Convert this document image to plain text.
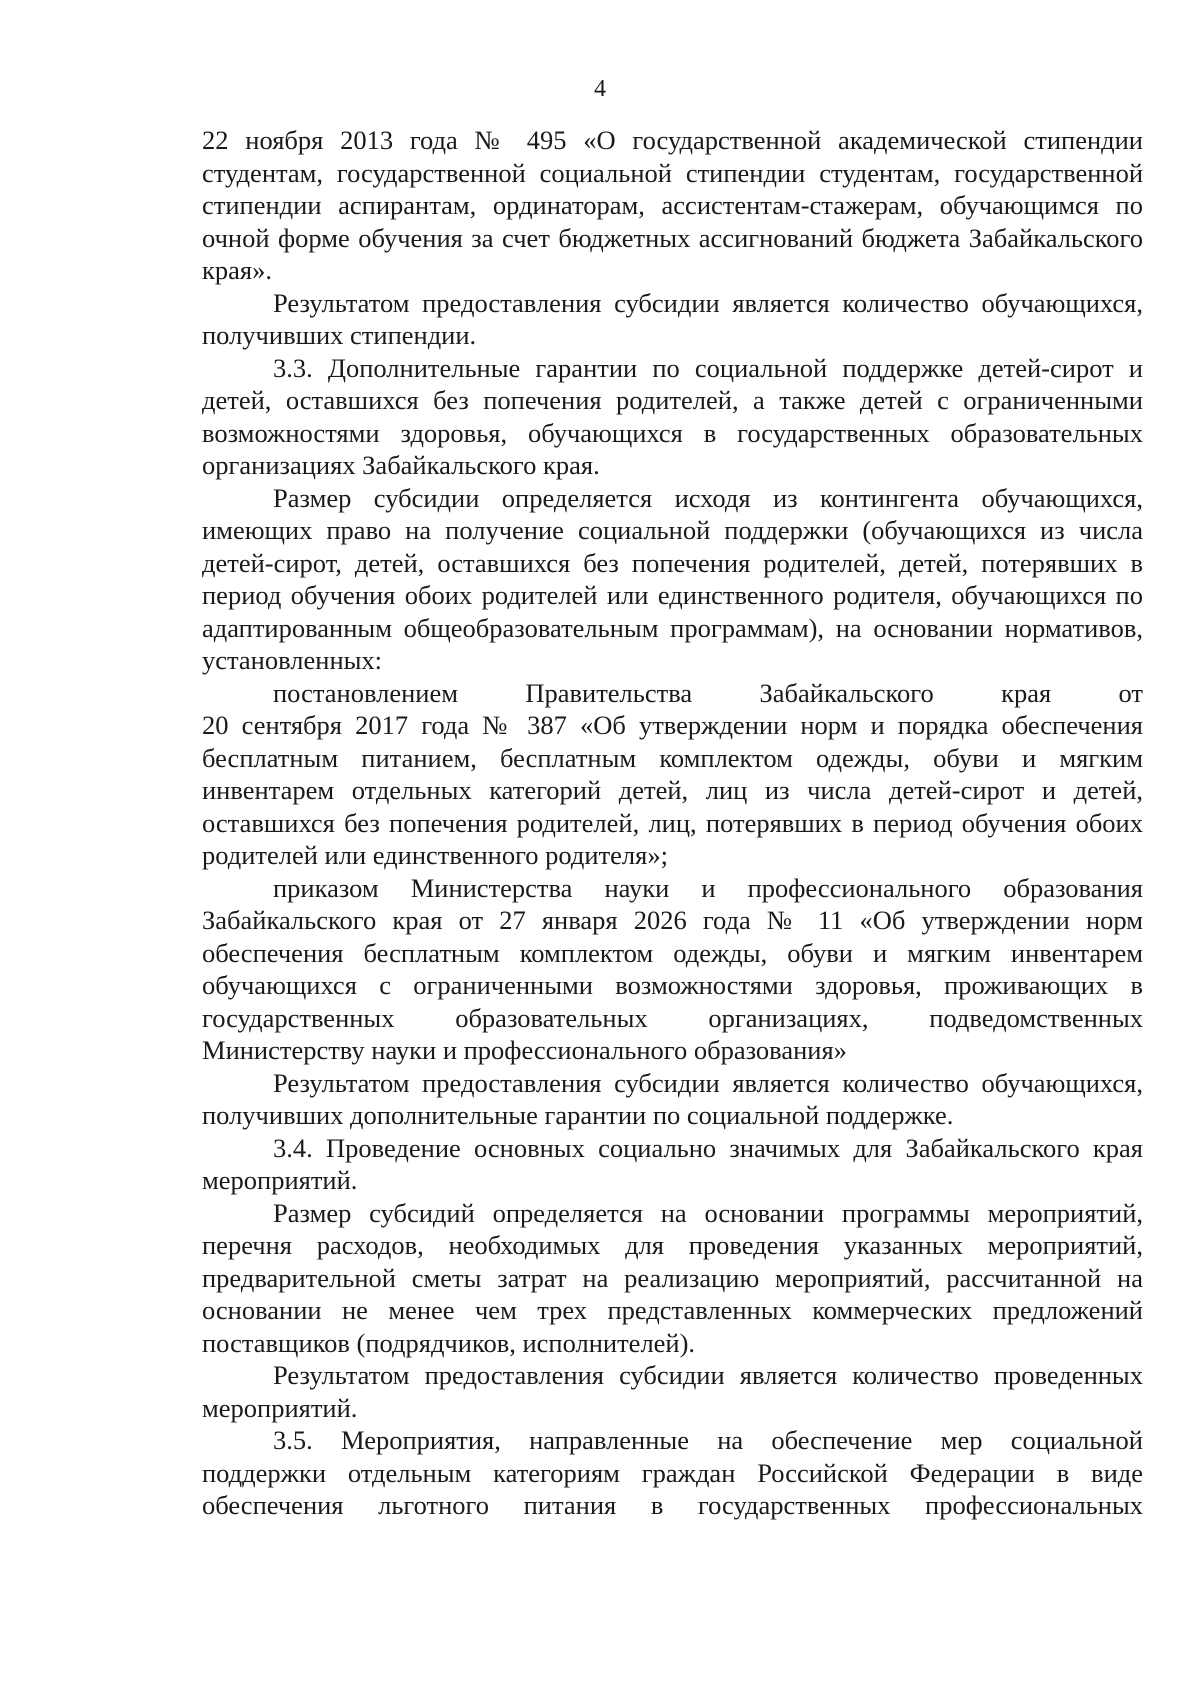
4

22 ноября 2013 года № 495 «О государственной академической стипендии студентам, государственной социальной стипендии студентам, государственной стипендии аспирантам, ординаторам, ассистентам-стажерам, обучающимся по очной форме обучения за счет бюджетных ассигнований бюджета Забайкальского края».

Результатом предоставления субсидии является количество обучающихся, получивших стипендии.

3.3. Дополнительные гарантии по социальной поддержке детей-сирот и детей, оставшихся без попечения родителей, а также детей с ограниченными возможностями здоровья, обучающихся в государственных образовательных организациях Забайкальского края.

Размер субсидии определяется исходя из контингента обучающихся, имеющих право на получение социальной поддержки (обучающихся из числа детей-сирот, детей, оставшихся без попечения родителей, детей, потерявших в период обучения обоих родителей или единственного родителя, обучающихся по адаптированным общеобразовательным программам), на основании нормативов, установленных:

постановлением Правительства Забайкальского края от

20 сентября 2017 года № 387 «Об утверждении норм и порядка обеспечения бесплатным питанием, бесплатным комплектом одежды, обуви и мягким инвентарем отдельных категорий детей, лиц из числа детей-сирот и детей, оставшихся без попечения родителей, лиц, потерявших в период обучения обоих родителей или единственного родителя»;

приказом Министерства науки и профессионального образования Забайкальского края от 27 января 2026 года № 11 «Об утверждении норм обеспечения бесплатным комплектом одежды, обуви и мягким инвентарем обучающихся с ограниченными возможностями здоровья, проживающих в государственных образовательных организациях, подведомственных Министерству науки и профессионального образования»

Результатом предоставления субсидии является количество обучающихся, получивших дополнительные гарантии по социальной поддержке.

3.4. Проведение основных социально значимых для Забайкальского края мероприятий.

Размер субсидий определяется на основании программы мероприятий, перечня расходов, необходимых для проведения указанных мероприятий, предварительной сметы затрат на реализацию мероприятий, рассчитанной на основании не менее чем трех представленных коммерческих предложений поставщиков (подрядчиков, исполнителей).

Результатом предоставления субсидии является количество проведенных мероприятий.

3.5. Мероприятия, направленные на обеспечение мер социальной поддержки отдельным категориям граждан Российской Федерации в виде обеспечения льготного питания в государственных профессиональных
